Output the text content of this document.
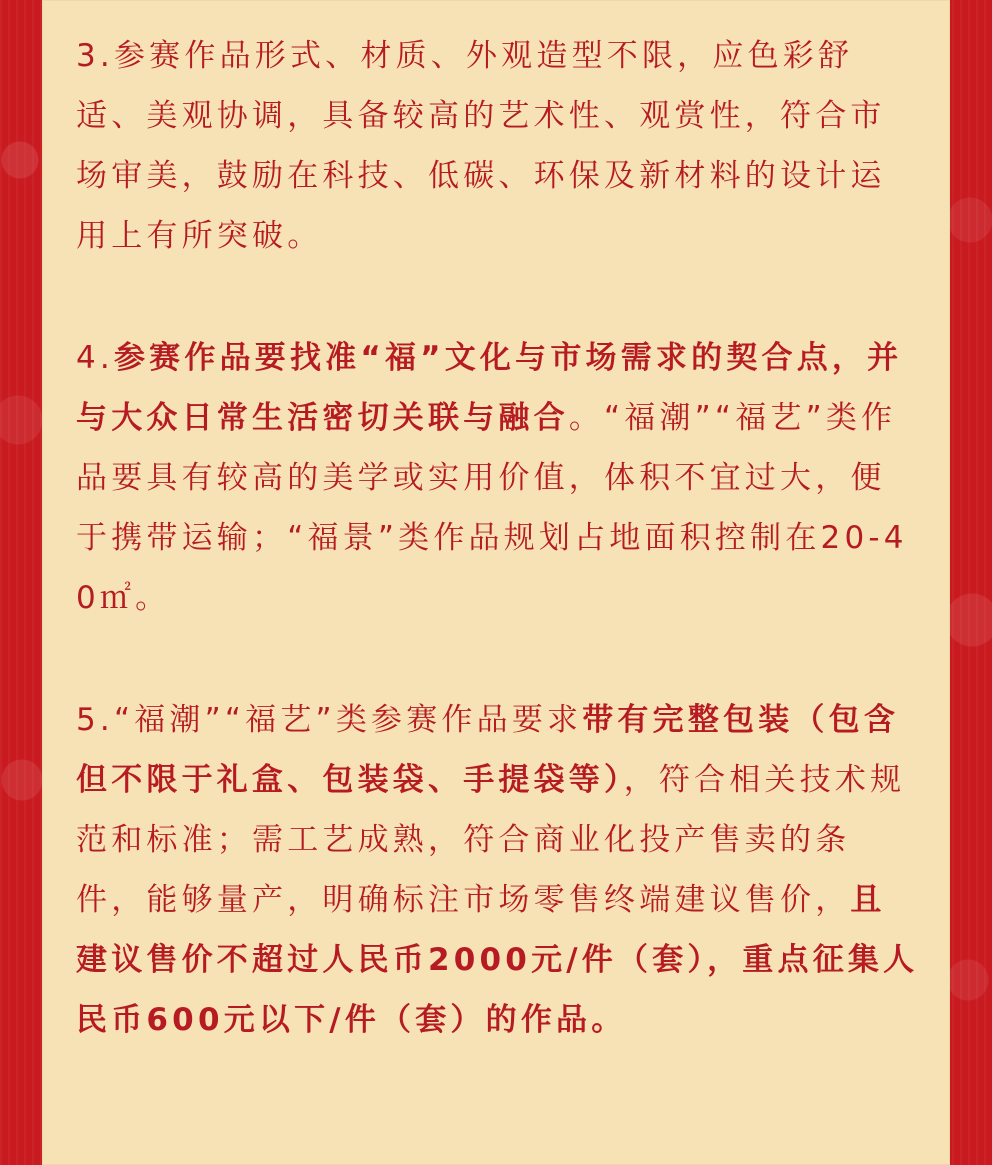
3.参赛作品形式、材质、外观造型不限，应色彩舒适、美观协调，具备较高的艺术性、观赏性，符合市场审美，鼓励在科技、低碳、环保及新材料的设计运用上有所突破。

4.参赛作品要找准“福”文化与市场需求的契合点，并与大众日常生活密切关联与融合。“福潮”“福艺”类作品要具有较高的美学或实用价值，体积不宜过大，便于携带运输；“福景”类作品规划占地面积控制在20-40㎡。

5.“福潮”“福艺”类参赛作品要求带有完整包装（包含但不限于礼盒、包装袋、手提袋等），符合相关技术规范和标准；需工艺成熟，符合商业化投产售卖的条件，能够量产，明确标注市场零售终端建议售价，且建议售价不超过人民币2000元/件（套），重点征集人民币600元以下/件（套）的作品。
